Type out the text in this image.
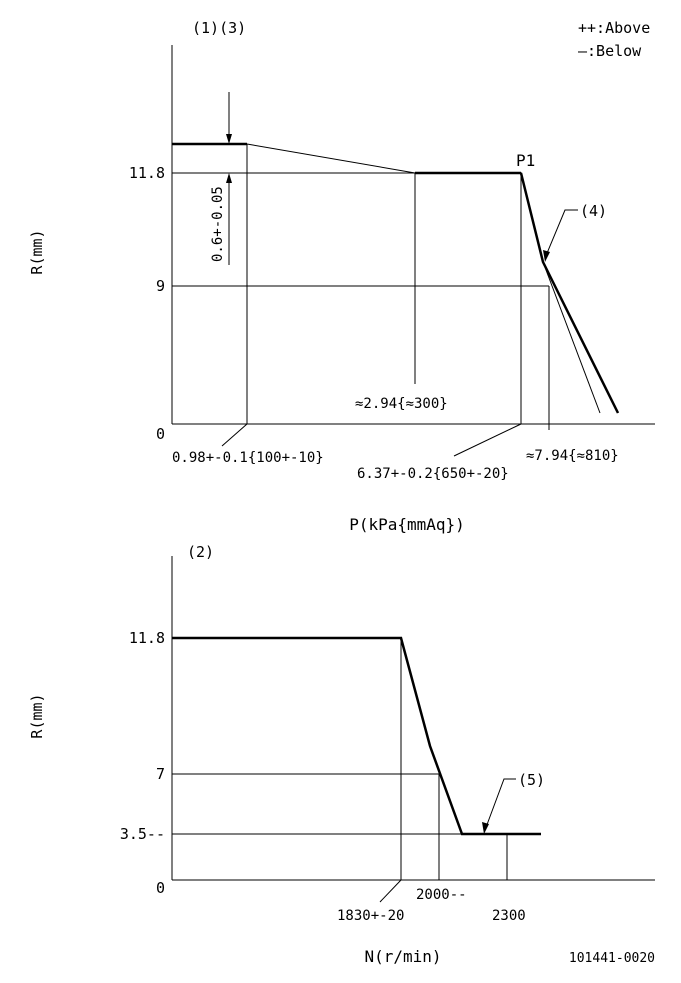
++:Above
—:Below
(1)(3)
R(mm)
11.8
9
0
P1
(4)
0.6+-0.05
0.98+-0.1{100+-10}
≈2.94{≈300}
6.37+-0.2{650+-20}
≈7.94{≈810}
P(kPa{mmAq})
(2)
R(mm)
11.8
7
3.5--
0
(5)
1830+-20
2000--
2300
N(r/min)	101441-0020
